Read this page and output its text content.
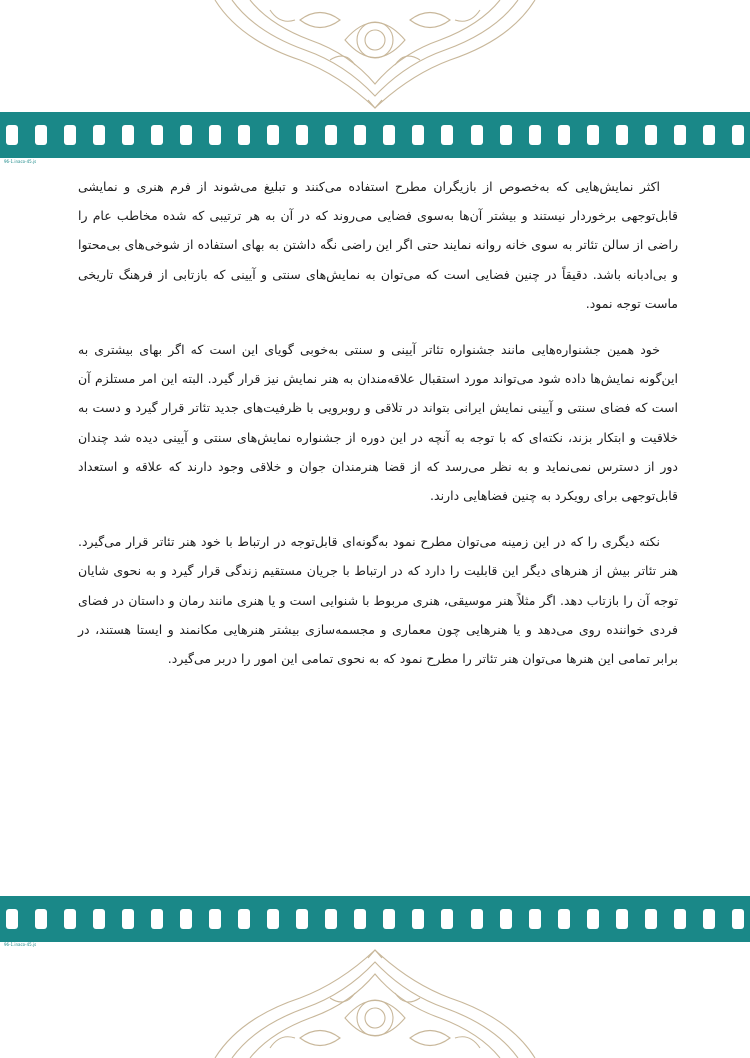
96-1.inaco-45.js

اکثر نمایش‌هایی که به‌خصوص از بازیگران مطرح استفاده می‌کنند و تبلیغ می‌شوند از فرم هنری و نمایشی قابل‌توجهی برخوردار نیستند و بیشتر آن‌ها به‌سوی فضایی می‌روند که در آن به هر ترتیبی که شده مخاطب عام را راضی از سالن تئاتر به سوی خانه روانه نمایند حتی اگر این راضی نگه داشتن به بهای استفاده از شوخی‌های بی‌محتوا و بی‌ادبانه باشد. دقیقاً در چنین فضایی است که می‌توان به نمایش‌های سنتی و آیینی که بازتابی از فرهنگ تاریخی ماست توجه نمود.

خود همین جشنواره‌هایی مانند جشنواره تئاتر آیینی و سنتی به‌خوبی گویای این است که اگر بهای بیشتری به این‌گونه نمایش‌ها داده شود می‌تواند مورد استقبال علاقه‌مندان به هنر نمایش نیز قرار گیرد. البته این امر مستلزم آن است که فضای سنتی و آیینی نمایش ایرانی بتواند در تلاقی و روبرویی با ظرفیت‌های جدید تئاتر قرار گیرد و دست به خلاقیت و ابتکار بزند، نکته‌ای که با توجه به آنچه در این دوره از جشنواره نمایش‌های سنتی و آیینی دیده شد چندان دور از دسترس نمی‌نماید و به نظر می‌رسد که از قضا هنرمندان جوان و خلاقی وجود دارند که علاقه و استعداد قابل‌توجهی برای رویکرد به چنین فضاهایی دارند.

نکته دیگری را که در این زمینه می‌توان مطرح نمود به‌گونه‌ای قابل‌توجه در ارتباط با خود هنر تئاتر قرار می‌گیرد. هنر تئاتر بیش از هنرهای دیگر این قابلیت را دارد که در ارتباط با جریان مستقیم زندگی قرار گیرد و به نحوی شایان توجه آن را بازتاب دهد. اگر مثلاً هنر موسیقی، هنری مربوط با شنوایی است و یا هنری مانند رمان و داستان در فضای فردی خواننده روی می‌دهد و یا هنرهایی چون معماری و مجسمه‌سازی بیشتر هنرهایی مکانمند و ایستا هستند، در برابر تمامی این هنرها می‌توان هنر تئاتر را مطرح نمود که به نحوی تمامی این امور را دربر می‌گیرد.

96-1.inaco-45.js
